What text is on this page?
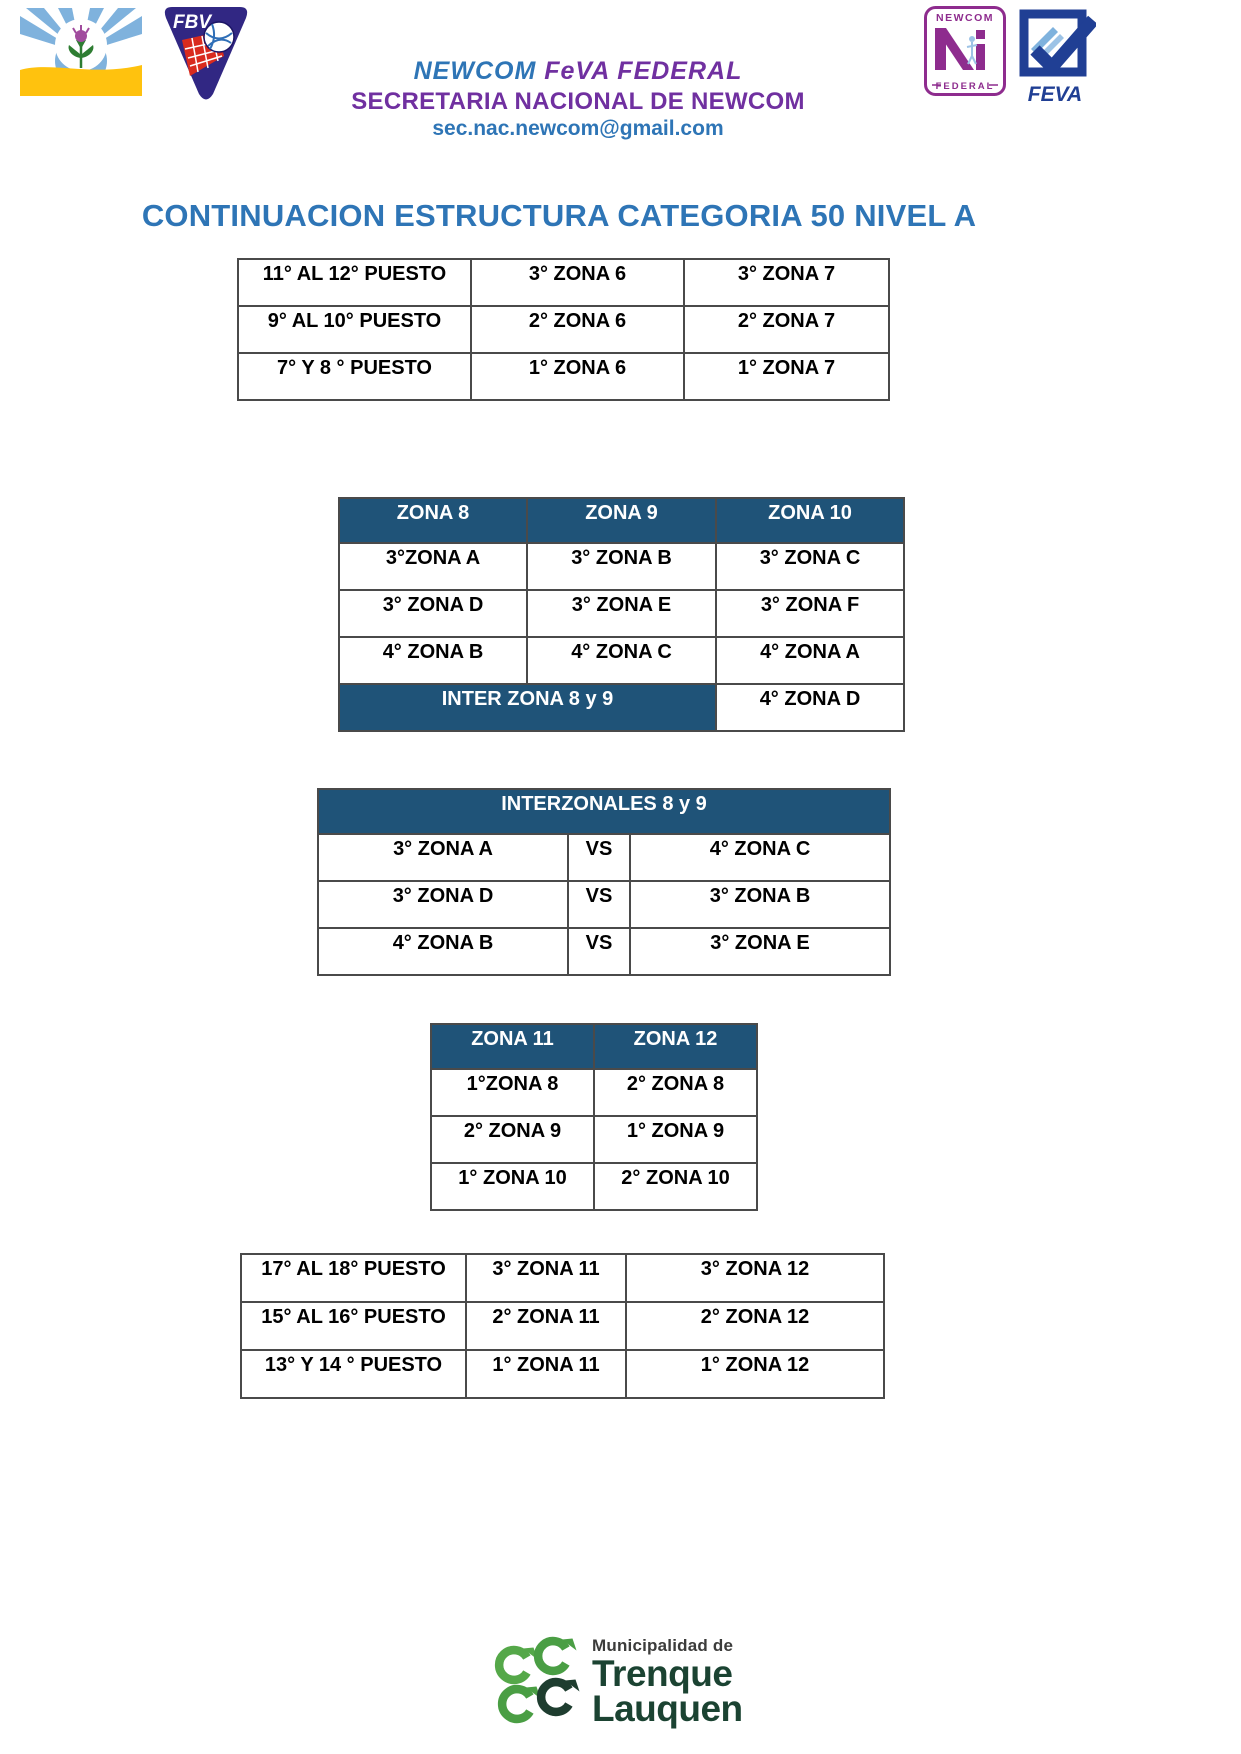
FBV
NEWCOM FeVA FEDERAL
SECRETARIA NACIONAL DE NEWCOM
sec.nac.newcom@gmail.com
NEWCOM
FEDERAL FEVA
CONTINUACION ESTRUCTURA CATEGORIA 50 NIVEL A
11° AL 12° PUESTO	3° ZONA 6	3° ZONA 7
9° AL 10° PUESTO	2° ZONA 6	2° ZONA 7
7° Y 8 ° PUESTO	1° ZONA 6	1° ZONA 7
ZONA 8	ZONA 9	ZONA 10
3°ZONA A	3° ZONA B	3° ZONA C
3° ZONA D	3° ZONA E	3° ZONA F
4° ZONA B	4° ZONA C	4° ZONA A
INTER ZONA 8 y 9		4° ZONA D
INTERZONALES 8 y 9		
3° ZONA A	VS	4° ZONA C
3° ZONA D	VS	3° ZONA B
4° ZONA B	VS	3° ZONA E
ZONA 11	ZONA 12
1°ZONA 8	2° ZONA 8
2° ZONA 9	1° ZONA 9
1° ZONA 10	2° ZONA 10
17° AL 18° PUESTO	3° ZONA 11	3° ZONA 12
15° AL 16° PUESTO	2° ZONA 11	2° ZONA 12
13° Y 14 ° PUESTO	1° ZONA 11	1° ZONA 12
Municipalidad de
Trenque
Lauquen
